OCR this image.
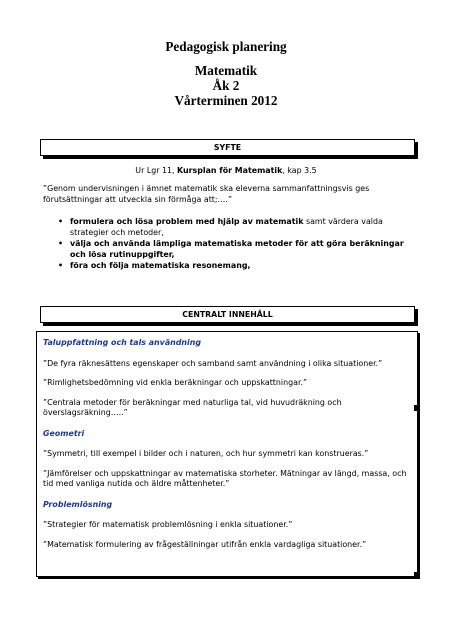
Pedagogisk planering
Matematik
Åk 2
Vårterminen 2012
SYFTE
Ur Lgr 11, Kursplan för Matematik, kap 3.5
”Genom undervisningen i ämnet matematik ska eleverna sammanfattningsvis ges förutsättningar att utveckla sin förmåga att;….”
• formulera och lösa problem med hjälp av matematik samt värdera valda strategier och metoder,
• välja och använda lämpliga matematiska metoder för att göra beräkningar och lösa rutinuppgifter,
• föra och följa matematiska resonemang,
CENTRALT INNEHÅLL

Taluppfattning och tals användning

”De fyra räknesättens egenskaper och samband samt användning i olika situationer.”

”Rimlighetsbedömning vid enkla beräkningar och uppskattningar.”

”Centrala metoder för beräkningar med naturliga tal, vid huvudräkning och överslagsräkning…..”

Geometri

”Symmetri, till exempel i bilder och i naturen, och hur symmetri kan konstrueras.”

”Jämförelser och uppskattningar av matematiska storheter. Mätningar av längd, massa, och tid med vanliga nutida och äldre måttenheter.”

Problemlösning

”Strategier för matematisk problemlösning i enkla situationer.”

”Matematisk formulering av frågeställningar utifrån enkla vardagliga situationer.”
